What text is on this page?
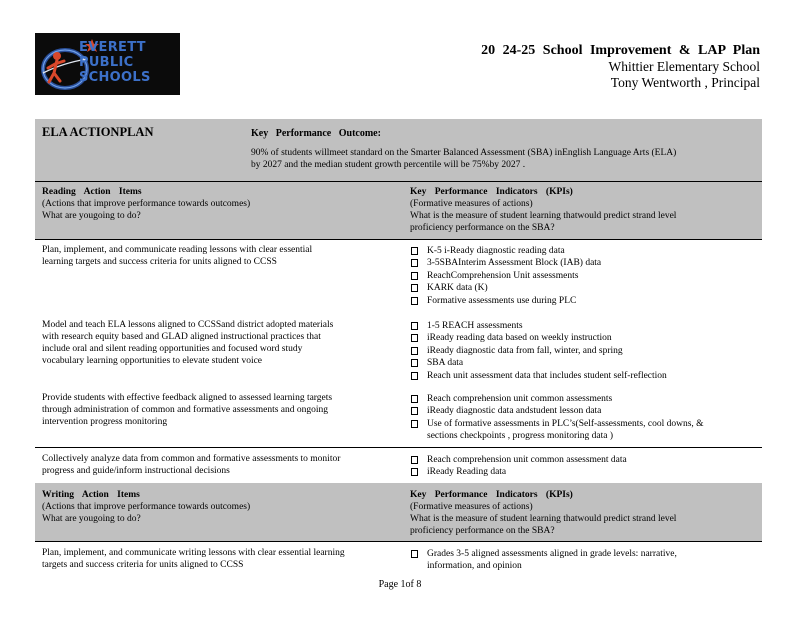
EVERETT
PUBLIC
SCHOOLS
20 24-25 School Improvement & LAP Plan
Whittier Elementary School
Tony Wentworth , Principal
ELA ACTIONPLAN	Key Performance Outcome:
90% of students willmeet standard on the Smarter Balanced Assessment (SBA) inEnglish Language Arts (ELA)
by 2027 and the median student growth percentile will be 75%by 2027 .
Reading Action Items
(Actions that improve performance towards outcomes)
What are yougoing to do?
Key Performance Indicators (KPIs)
(Formative measures of actions)
What is the measure of student learning thatwould predict strand level
proficiency performance on the SBA?
Plan, implement, and communicate reading lessons with clear essential
learning targets and success criteria for units aligned to CCSS
K-5 i-Ready diagnostic reading data
3-5SBAInterim Assessment Block (IAB) data
ReachComprehension Unit assessments
KARK data (K)
Formative assessments use during PLC
Model and teach ELA lessons aligned to CCSSand district adopted materials
with research equity based and GLAD aligned instructional practices that
include oral and silent reading opportunities and focused word study
vocabulary learning opportunities to elevate student voice
1-5 REACH assessments
iReady reading data based on weekly instruction
iReady diagnostic data from fall, winter, and spring
SBA data
Reach unit assessment data that includes student self-reflection
Provide students with effective feedback aligned to assessed learning targets
through administration of common and formative assessments and ongoing
intervention progress monitoring
Reach comprehension unit common assessments
iReady diagnostic data andstudent lesson data
Use of formative assessments in PLC’s(Self-assessments, cool downs, &
sections checkpoints , progress monitoring data )
Collectively analyze data from common and formative assessments to monitor
progress and guide/inform instructional decisions
Reach comprehension unit common assessment data
iReady Reading data
Writing Action Items
(Actions that improve performance towards outcomes)
What are yougoing to do?
Key Performance Indicators (KPIs)
(Formative measures of actions)
What is the measure of student learning thatwould predict strand level
proficiency performance on the SBA?
Plan, implement, and communicate writing lessons with clear essential learning
targets and success criteria for units aligned to CCSS
Grades 3-5 aligned assessments aligned in grade levels: narrative,
information, and opinion
Page 1of 8
